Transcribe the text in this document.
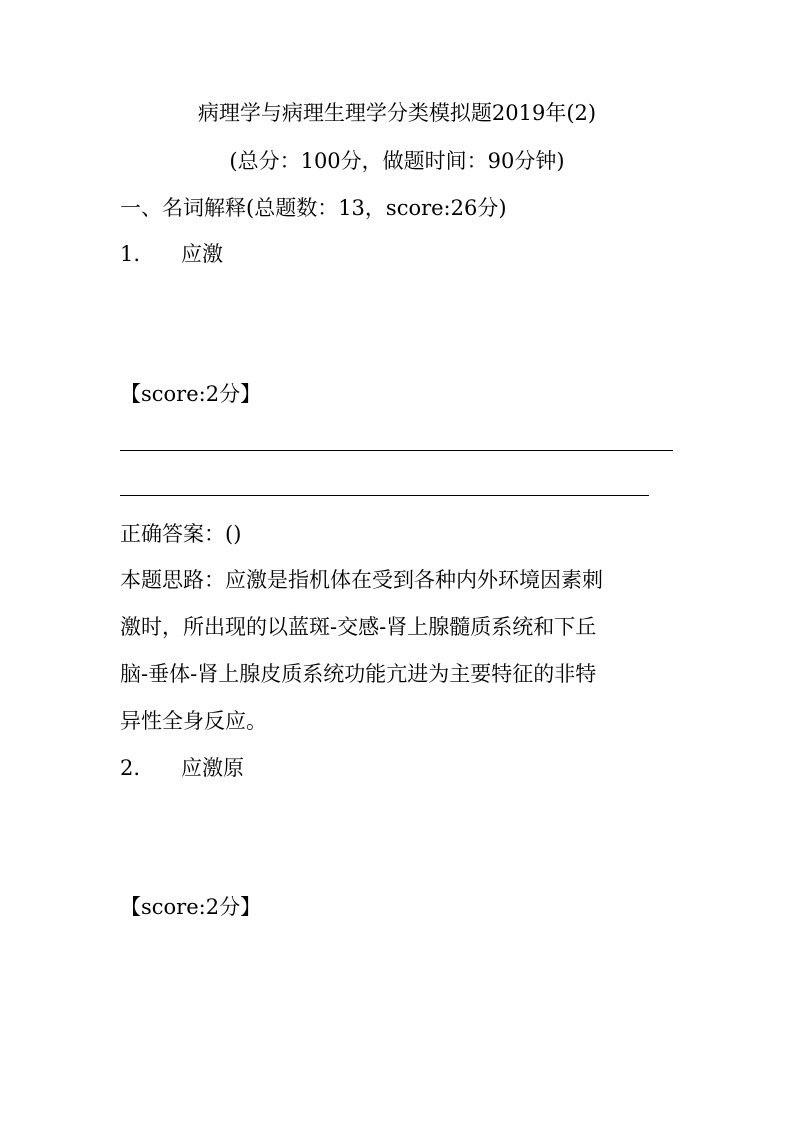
病理学与病理生理学分类模拟题2019年(2)
(总分：100分，做题时间：90分钟)
一、名词解释(总题数：13，score:26分)
1. 应激
【score:2分】
正确答案：()
本题思路：应激是指机体在受到各种内外环境因素刺
激时，所出现的以蓝斑-交感-肾上腺髓质系统和下丘
脑-垂体-肾上腺皮质系统功能亢进为主要特征的非特
异性全身反应。
2. 应激原
【score:2分】
